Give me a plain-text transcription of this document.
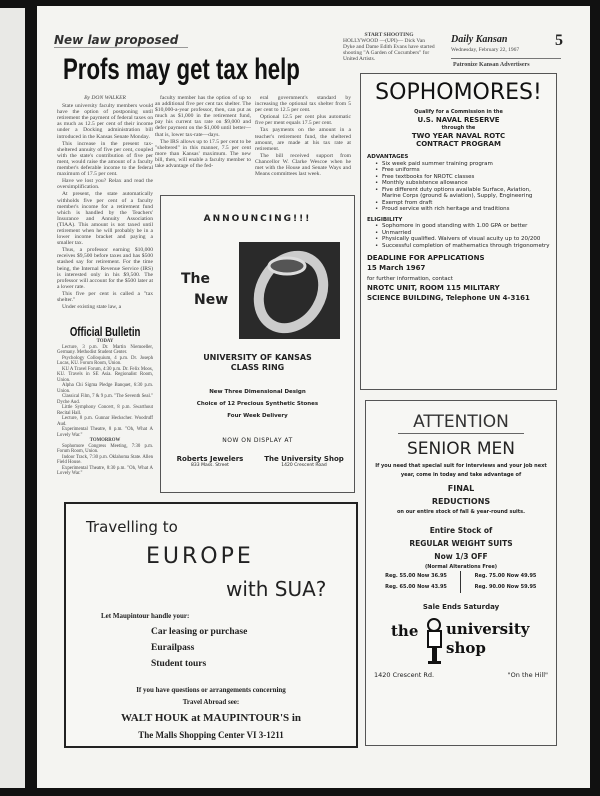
New law proposed
Profs may get tax help
START SHOOTING
HOLLYWOOD —(UPI)— Dick Van Dyke and Dame Edith Evans have started shooting "A Garden of Cucumbers" for United Artists.
Daily Kansan
Wednesday, February 22, 1967
5
Patronize Kansan Advertisers
By DON WALKER

State university faculty members would have the option of postponing until retirement the payment of federal taxes on as much as 12.5 per cent of their income under a Docking administration bill introduced in the Kansas Senate Monday.

This increase in the present tax-sheltered annuity of five per cent, coupled with the state's contribution of five per ment, would raise the amount of a faculty member's deferable income to the federal maximum of 17.5 per cent.

Have we lost you? Relax and read the oversimplification.

At present, the state automatically withholds five per cent of a faculty member's income for a retirement fund which is handled by the Teachers' Insurance and Annuity Association (TIAA). This amount is not taxed until retirement when he will probably be in a lower income bracket and paying a smaller tax.

Thus, a professor earning $10,000 receives $9,500 before taxes and has $500 stashed say for retirement. For the time being, the Internal Revenue Service (IRS) is interested only in his $9,500. The professor will account for the $500 later at a lower rate.

This five per cent is called a "tax shelter."

Under existing state law, a

faculty member has the option of up to an additional five per cent tax shelter. The $10,000-a-year professor, then, can put as much as $1,000 in the retirement fund, pay his current tax rate on $9,000 and defer payment on the $1,000 until better—that is, lower tax-rate—days.

The IRS allows up to 17.5 per cent to be "sheltered" in this manner, 7.5 per cent more than Kansas' maximum. The new bill, then, will enable a faculty member to take advantage of the fed-

eral government's standard by increasing the optional tax shelter from 5 per cent to 12.5 per cent.

Optional 12.5 per cent plus automatic five per ment equals 17.5 per cent.

Tax payments on the amount in a teacher's retirement fund, the sheltered amount, are made at his tax rate at retirement.

The bill received support from Chancellor W. Clarke Wescoe when he met with the House and Senate Ways and Means committees last week.

Official Bulletin
TODAY

Lecture, 3 p.m. Dr. Martin Niemoeller, Germany. Methodist Student Center.

Psychology Colloquium, 4 p.m. Dr. Joseph Lucas, KU. Forum Room, Union.

KU A Travel Forum, 4:30 p.m. Dr. Felix Moos, KU. Travels in SE Asia. Regionalist Room, Union.

Alpha Chi Sigma Pledge Banquet, 6:30 p.m. Union.

Classical Film, 7 & 9 p.m. "The Seventh Seal." Dyche Aud.

Little Symphony Concert, 8 p.m. Swarthout Recital Hall.

Lecture, 8 p.m. Gunnar Heckscher. Woodruff Aud.

Experimental Theatre, 8 p.m. "Oh, What A Lovely War."

TOMORROW

Sophomore Congress Meeting, 7:30 p.m. Forum Room, Union.

Indoor Track, 7:30 p.m. Oklahoma State. Allen Field House.

Experimental Theatre, 8:30 p.m. "Oh, What A Lovely War."

ANNOUNCING!!!
The
New
UNIVERSITY OF KANSAS
CLASS RING
New Three Dimensional Design
Choice of 12 Precious Synthetic Stones
Four Week Delivery
NOW ON DISPLAY AT
Roberts Jewelers
833 Mass. Street
The University Shop
1420 Crescent Road
SOPHOMORES!
Qualify for a Commission in the
U.S. NAVAL RESERVE
through the
TWO YEAR NAVAL ROTC
CONTRACT PROGRAM
ADVANTAGES
• Six week paid summer training program
• Free uniforms
• Free textbooks for NROTC classes
• Monthly subsistence allowance
• Five different duty options available Surface, Aviation, Marine Corps (ground & aviation), Supply, Engineering
• Exempt from draft
• Proud service with rich heritage and traditions
ELIGIBILITY
• Sophomore in good standing with 1.00 GPA or better
• Unmarried
• Physically qualified. Waivers of visual acuity up to 20/200
• Successful completion of mathematics through trigonometry
DEADLINE FOR APPLICATIONS
15 March 1967
for further information, contact
NROTC UNIT, ROOM 115 MILITARY
SCIENCE BUILDING, Telephone UN 4-3161
ATTENTION
SENIOR MEN
If you need that special suit for interviews and your job next year, come in today and take advantage of
FINAL
REDUCTIONS
on our entire stock of fall & year-round suits.
Entire Stock of
REGULAR WEIGHT SUITS
Now 1/3 OFF
(Normal Alterations Free)
Reg. 55.00 Now 36.95	Reg. 75.00 Now 49.95
Reg. 65.00 Now 43.95	Reg. 90.00 Now 59.95
Sale Ends Saturday
the university
shop
1420 Crescent Rd.	"On the Hill"
Travelling to
EUROPE
with SUA?
Let Maupintour handle your:
Car leasing or purchase
Eurailpass
Student tours
If you have questions or arrangements concerning
Travel Abroad see:
WALT HOUK at MAUPINTOUR'S in
The Malls Shopping Center VI 3-1211
